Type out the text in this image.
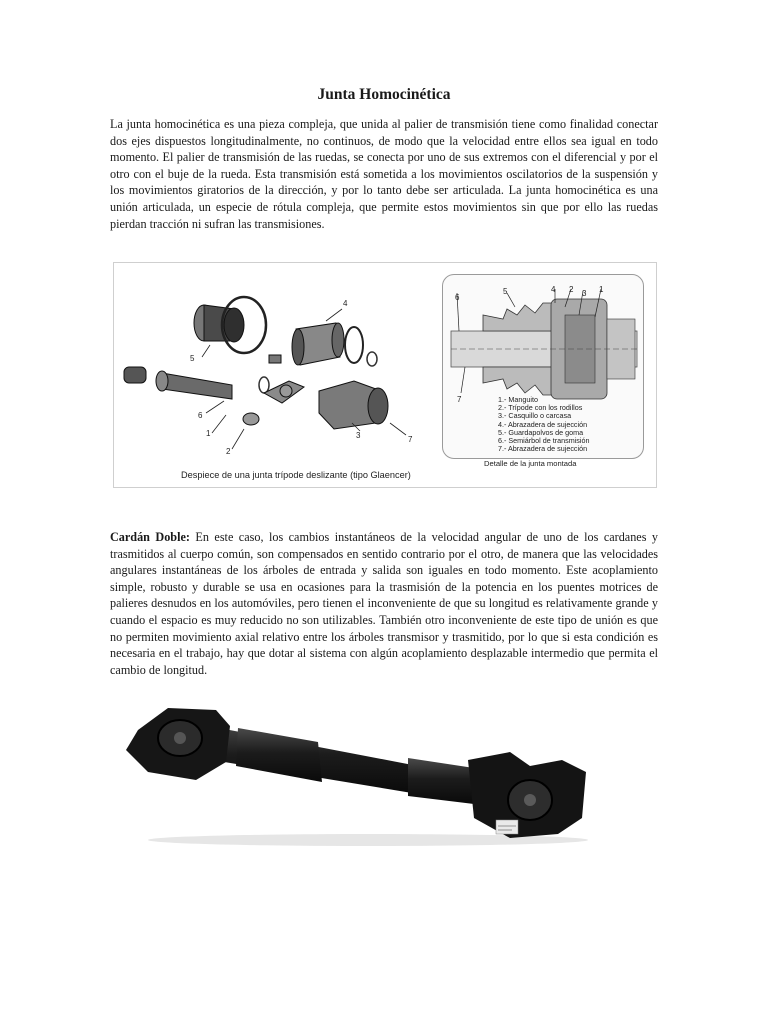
Junta Homocinética

La junta homocinética es una pieza compleja, que unida al palier de transmisión tiene como finalidad conectar dos ejes dispuestos longitudinalmente, no continuos, de modo que la velocidad entre ellos sea igual en todo momento. El palier de transmisión de las ruedas, se conecta por uno de sus extremos con el diferencial y por el otro con el buje de la rueda. Esta transmisión está sometida a los movimientos oscilatorios de la suspensión y los movimientos giratorios de la dirección, y por lo tanto debe ser articulada. La junta homocinética es una unión articulada, un especie de rótula compleja, que permite estos movimientos sin que por ello las ruedas pierdan tracción ni sufran las transmisiones.

4
5
6
1
2
3	7
Despiece de una junta trípode deslizante (tipo Glaencer)
6
5	4 2 3 1
7	1.- Manguito
2.- Trípode con los rodillos
3.- Casquillo o carcasa
4.- Abrazadera de sujección
5.- Guardapolvos de goma
6.- Semiárbol de transmisión
7.- Abrazadera de sujección
Detalle de la junta montada

Cardán Doble: En este caso, los cambios instantáneos de la velocidad angular de uno de los cardanes y trasmitidos al cuerpo común, son compensados en sentido contrario por el otro, de manera que las velocidades angulares instantáneas de los árboles de entrada y salida son iguales en todo momento. Este acoplamiento simple, robusto y durable se usa en ocasiones para la trasmisión de la potencia en los puentes motrices de palieres desnudos en los automóviles, pero tienen el inconveniente de que su longitud es relativamente grande y cuando el espacio es muy reducido no son utilizables. También otro inconveniente de este tipo de unión es que no permiten movimiento axial relativo entre los árboles transmisor y trasmitido, por lo que si esta condición es necesaria en el trabajo, hay que dotar al sistema con algún acoplamiento desplazable intermedio que permita el cambio de longitud.
